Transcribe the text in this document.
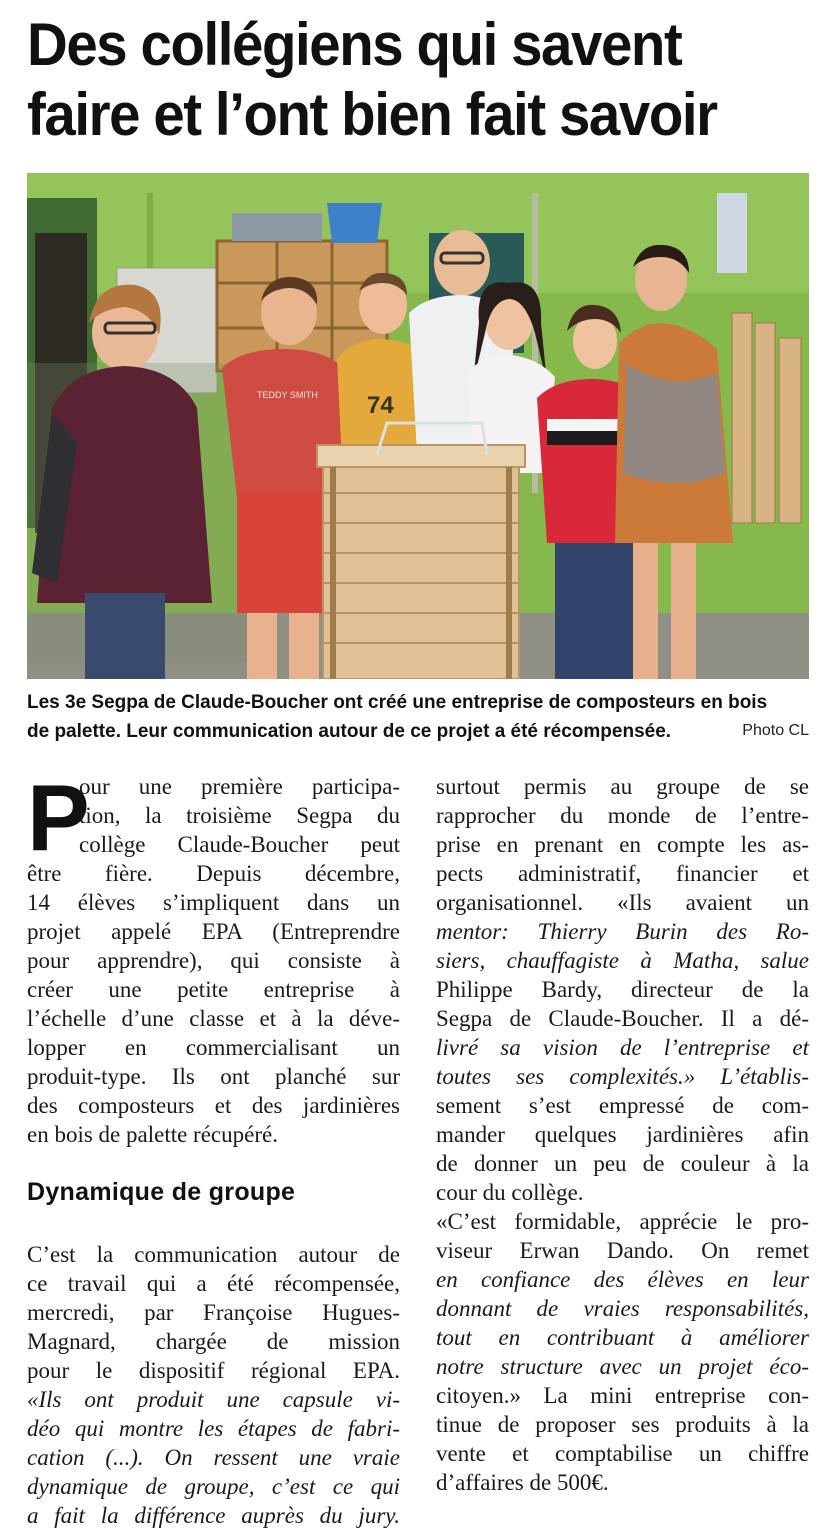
Des collégiens qui savent
faire et l’ont bien fait savoir
TEDDY SMITH 74
Les 3e Segpa de Claude-Boucher ont créé une entreprise de composteurs en bois
de palette. Leur communication autour de ce projet a été récompensée.	Photo CL
P
our une première participa-
tion, la troisième Segpa du
collège Claude-Boucher peut
être fière. Depuis décembre,
14 élèves s’impliquent dans un
projet appelé EPA (Entreprendre
pour apprendre), qui consiste à
créer une petite entreprise à
l’échelle d’une classe et à la déve-
lopper en commercialisant un
produit-type. Ils ont planché sur
des composteurs et des jardinières
en bois de palette récupéré.
Dynamique de groupe
C’est la communication autour de
ce travail qui a été récompensée,
mercredi, par Françoise Hugues-
Magnard, chargée de mission
pour le dispositif régional EPA.
«Ils ont produit une capsule vi-
déo qui montre les étapes de fabri-
cation (...). On ressent une vraie
dynamique de groupe, c’est ce qui
a fait la différence auprès du jury.
surtout permis au groupe de se
rapprocher du monde de l’entre-
prise en prenant en compte les as-
pects administratif, financier et
organisationnel. «Ils avaient un
mentor: Thierry Burin des Ro-
siers, chauffagiste à Matha, salue
Philippe Bardy, directeur de la
Segpa de Claude-Boucher. Il a dé-
livré sa vision de l’entreprise et
toutes ses complexités.» L’établis-
sement s’est empressé de com-
mander quelques jardinières afin
de donner un peu de couleur à la
cour du collège.
«C’est formidable, apprécie le pro-
viseur Erwan Dando. On remet
en confiance des élèves en leur
donnant de vraies responsabilités,
tout en contribuant à améliorer
notre structure avec un projet éco-
citoyen.» La mini entreprise con-
tinue de proposer ses produits à la
vente et comptabilise un chiffre
d’affaires de 500€.
